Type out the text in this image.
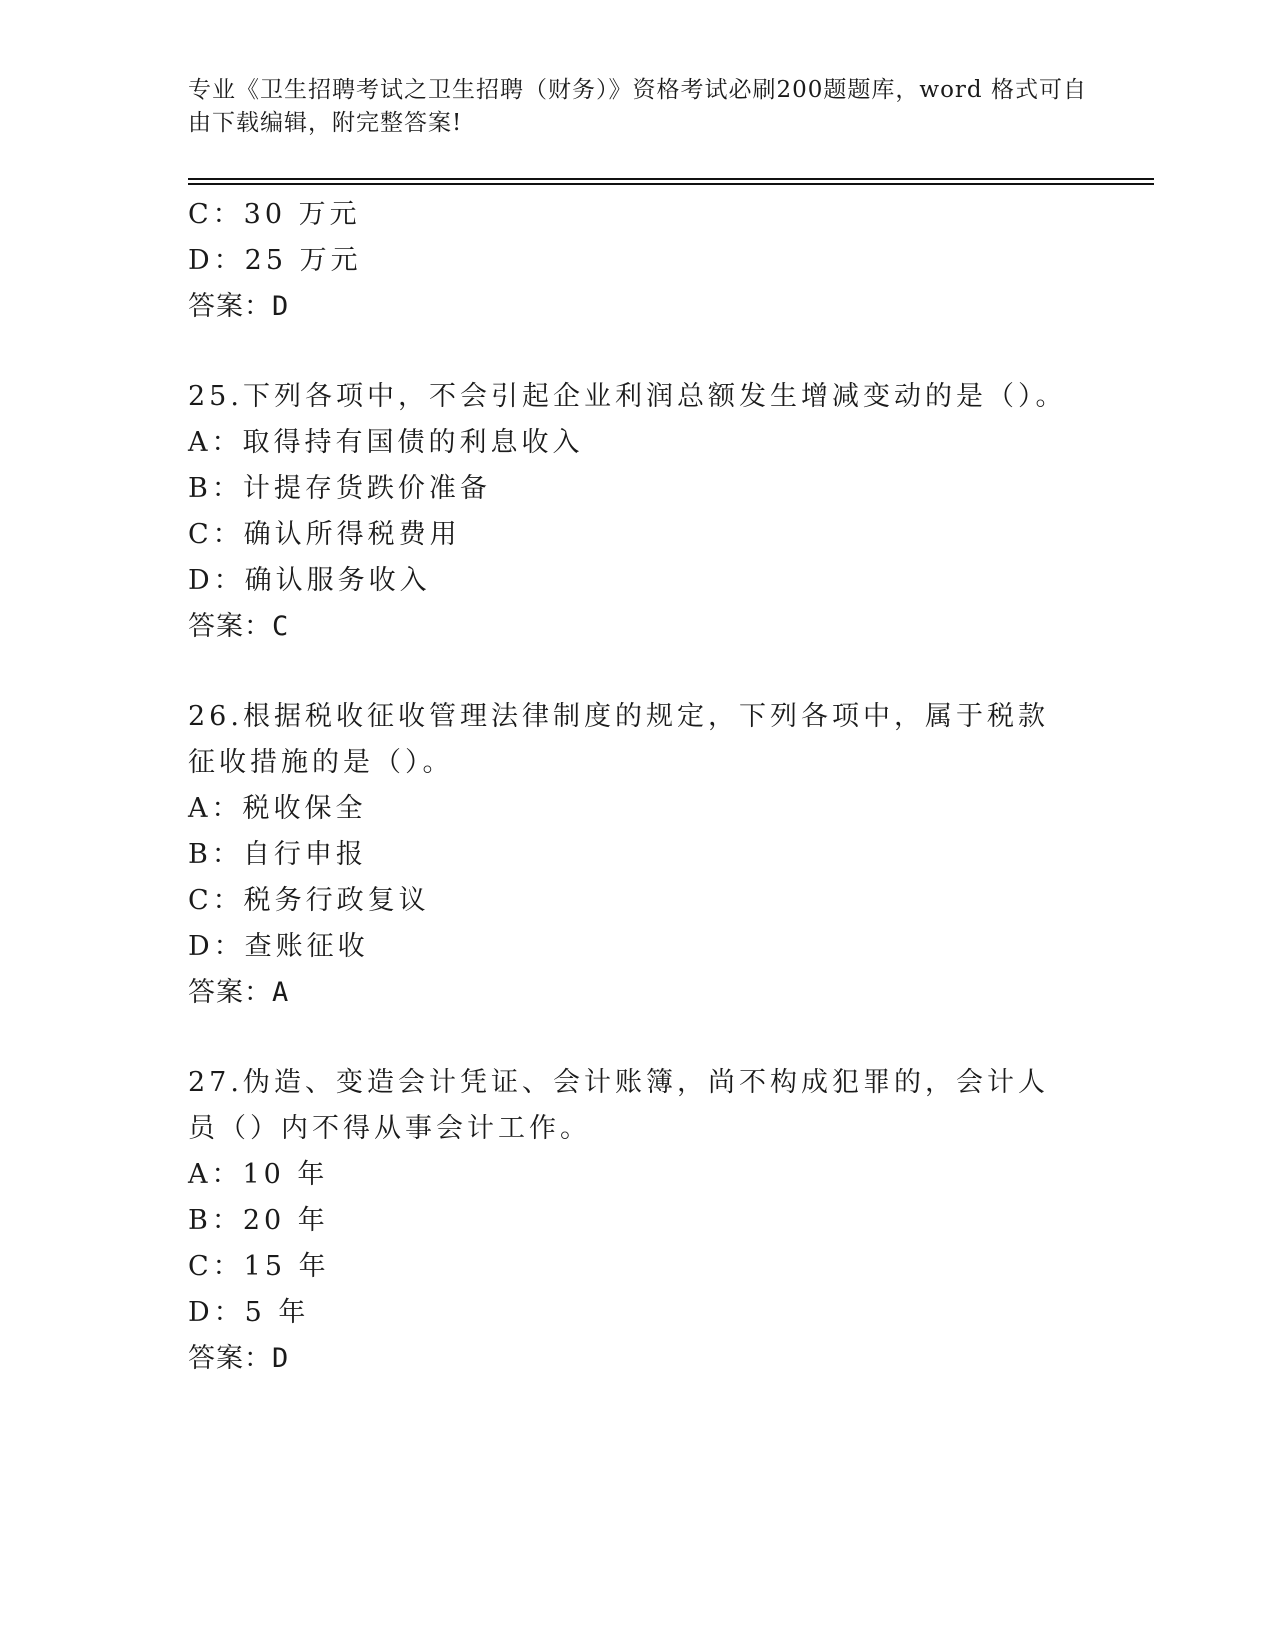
专业《卫生招聘考试之卫生招聘（财务）》资格考试必刷200题题库，word 格式可自由下载编辑，附完整答案!
C：30 万元
D：25 万元
答案：D
25.下列各项中，不会引起企业利润总额发生增减变动的是（）。
A：取得持有国债的利息收入
B：计提存货跌价准备
C：确认所得税费用
D：确认服务收入
答案：C
26.根据税收征收管理法律制度的规定，下列各项中，属于税款征收措施的是（）。
A：税收保全
B：自行申报
C：税务行政复议
D：查账征收
答案：A
27.伪造、变造会计凭证、会计账簿，尚不构成犯罪的，会计人员（）内不得从事会计工作。
A：10 年
B：20 年
C：15 年
D：5 年
答案：D
